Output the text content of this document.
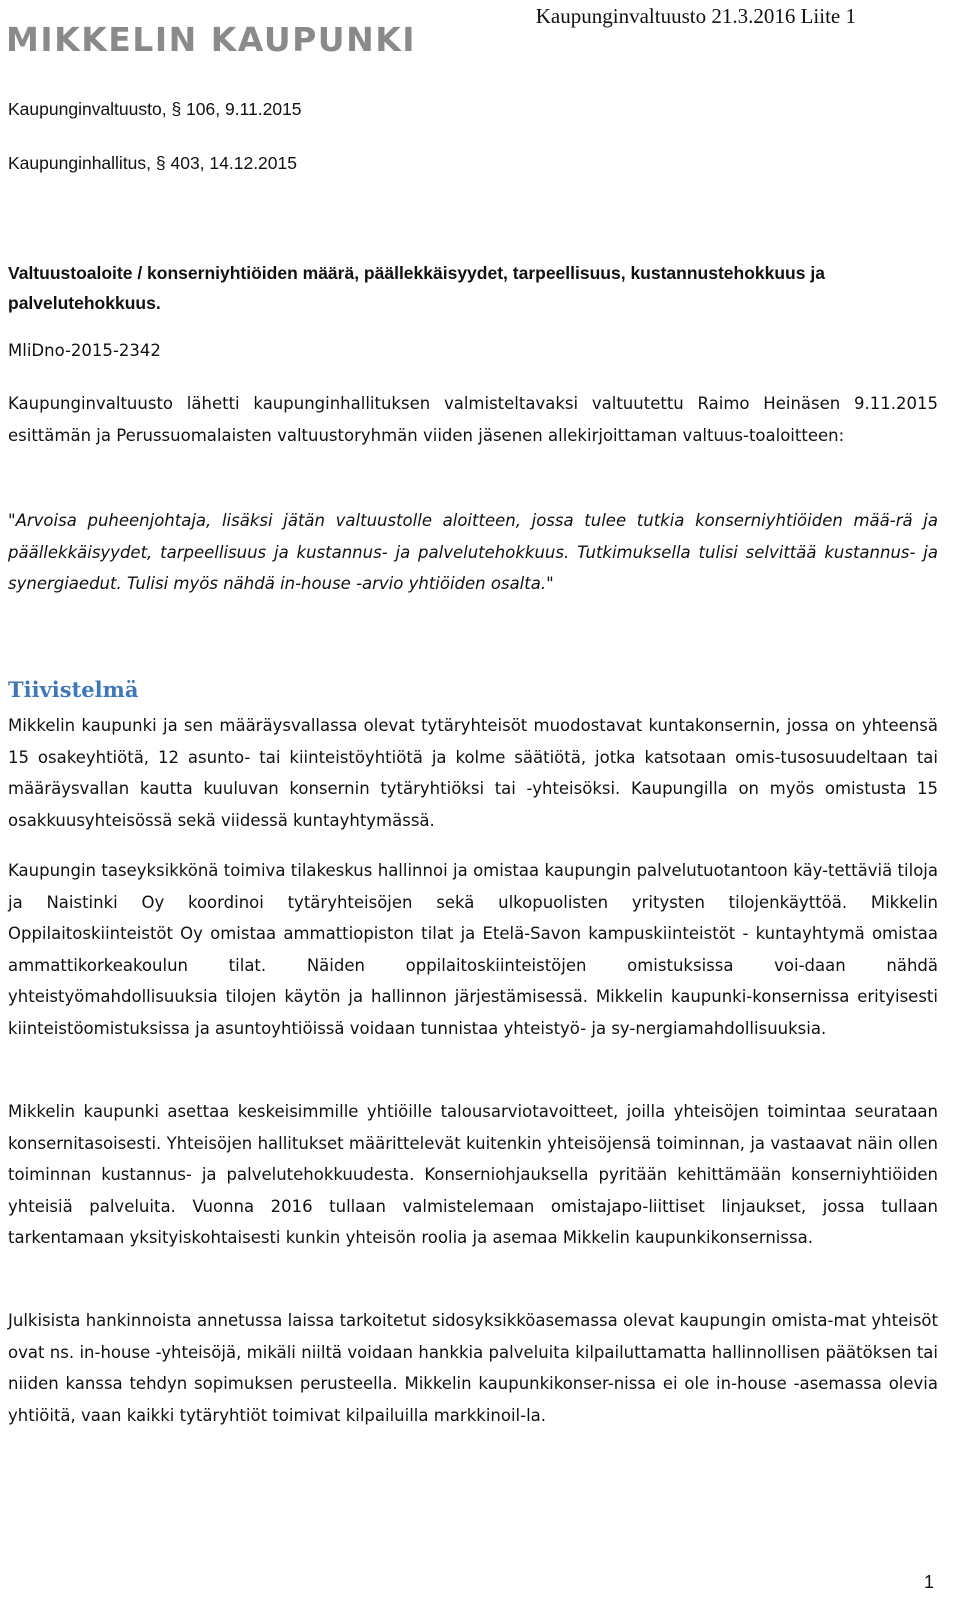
Kaupunginvaltuusto 21.3.2016 Liite 1
MIKKELIN KAUPUNKI
Kaupunginvaltuusto, § 106, 9.11.2015
Kaupunginhallitus, § 403, 14.12.2015
Valtuustoaloite / konserniyhtiöiden määrä, päällekkäisyydet, tarpeellisuus, kustannustehokkuus ja palvelutehokkuus.
MliDno-2015-2342
Kaupunginvaltuusto lähetti kaupunginhallituksen valmisteltavaksi valtuutettu Raimo Heinäsen 9.11.2015 esittämän ja Perussuomalaisten valtuustoryhmän viiden jäsenen allekirjoittaman valtuus-toaloitteen:
"Arvoisa puheenjohtaja, lisäksi jätän valtuustolle aloitteen, jossa tulee tutkia konserniyhtiöiden mää-rä ja päällekkäisyydet, tarpeellisuus ja kustannus- ja palvelutehokkuus. Tutkimuksella tulisi selvittää kustannus- ja synergiaedut. Tulisi myös nähdä in-house -arvio yhtiöiden osalta."
Tiivistelmä
Mikkelin kaupunki ja sen määräysvallassa olevat tytäryhteisöt muodostavat kuntakonsernin, jossa on yhteensä 15 osakeyhtiötä, 12 asunto- tai kiinteistöyhtiötä ja kolme säätiötä, jotka katsotaan omis-tusosuudeltaan tai määräysvallan kautta kuuluvan konsernin tytäryhtiöksi tai -yhteisöksi. Kaupungilla on myös omistusta 15 osakkuusyhteisössä sekä viidessä kuntayhtymässä.
Kaupungin taseyksikkönä toimiva tilakeskus hallinnoi ja omistaa kaupungin palvelutuotantoon käy-tettäviä tiloja ja Naistinki Oy koordinoi tytäryhteisöjen sekä ulkopuolisten yritysten tilojenkäyttöä. Mikkelin Oppilaitoskiinteistöt Oy omistaa ammattiopiston tilat ja Etelä-Savon kampuskiinteistöt - kuntayhtymä omistaa ammattikorkeakoulun tilat. Näiden oppilaitoskiinteistöjen omistuksissa voi-daan nähdä yhteistyömahdollisuuksia tilojen käytön ja hallinnon järjestämisessä. Mikkelin kaupunki-konsernissa erityisesti kiinteistöomistuksissa ja asuntoyhtiöissä voidaan tunnistaa yhteistyö- ja sy-nergiamahdollisuuksia.
Mikkelin kaupunki asettaa keskeisimmille yhtiöille talousarviotavoitteet, joilla yhteisöjen toimintaa seurataan konsernitasoisesti. Yhteisöjen hallitukset määrittelevät kuitenkin yhteisöjensä toiminnan, ja vastaavat näin ollen toiminnan kustannus- ja palvelutehokkuudesta. Konserniohjauksella pyritään kehittämään konserniyhtiöiden yhteisiä palveluita. Vuonna 2016 tullaan valmistelemaan omistajapo-liittiset linjaukset, jossa tullaan tarkentamaan yksityiskohtaisesti kunkin yhteisön roolia ja asemaa Mikkelin kaupunkikonsernissa.
Julkisista hankinnoista annetussa laissa tarkoitetut sidosyksikköasemassa olevat kaupungin omista-mat yhteisöt ovat ns. in-house -yhteisöjä, mikäli niiltä voidaan hankkia palveluita kilpailuttamatta hallinnollisen päätöksen tai niiden kanssa tehdyn sopimuksen perusteella. Mikkelin kaupunkikonser-nissa ei ole in-house -asemassa olevia yhtiöitä, vaan kaikki tytäryhtiöt toimivat kilpailuilla markkinoil-la.
1
